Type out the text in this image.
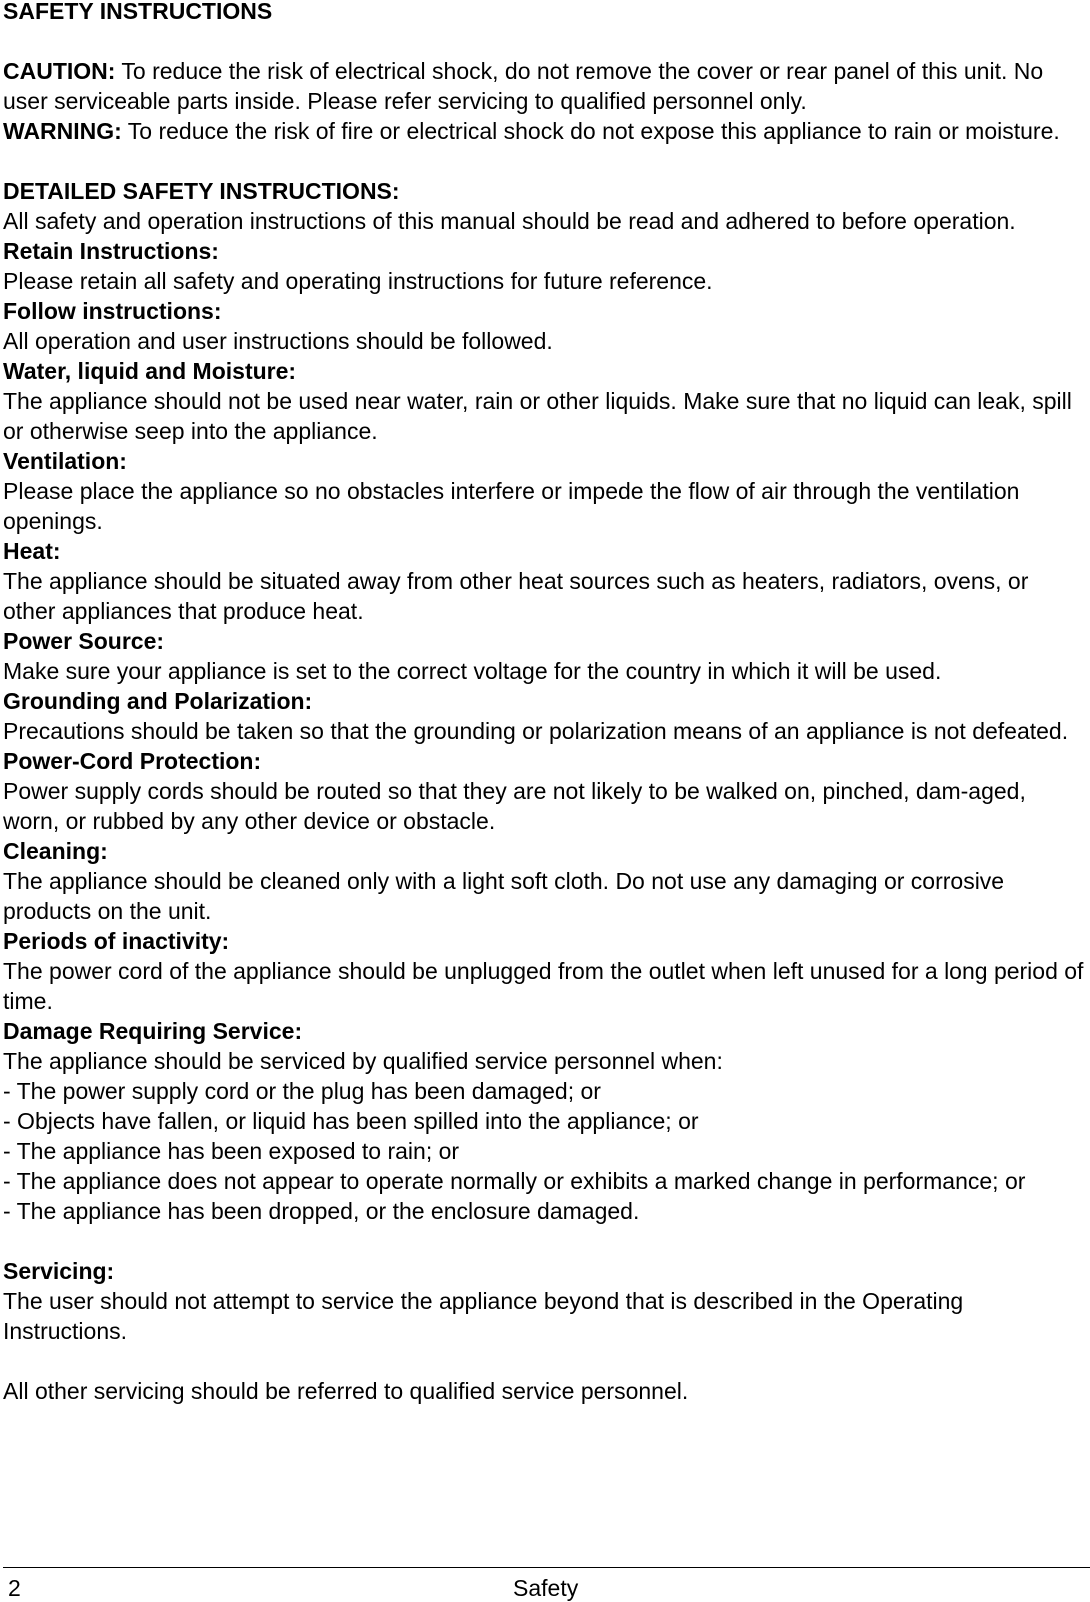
SAFETY INSTRUCTIONS

CAUTION: To reduce the risk of electrical shock, do not remove the cover or rear panel of this unit. No user serviceable parts inside. Please refer servicing to qualified personnel only.

WARNING: To reduce the risk of fire or electrical shock do not expose this appliance to rain or moisture.

DETAILED SAFETY INSTRUCTIONS:

All safety and operation instructions of this manual should be read and adhered to before operation.

Retain Instructions:

Please retain all safety and operating instructions for future reference.

Follow instructions:

All operation and user instructions should be followed.

Water, liquid and Moisture:

The appliance should not be used near water, rain or other liquids. Make sure that no liquid can leak, spill or otherwise seep into the appliance.

Ventilation:

Please place the appliance so no obstacles interfere or impede the flow of air through the ventilation openings.

Heat:

The appliance should be situated away from other heat sources such as heaters, radiators, ovens, or other appliances that produce heat.

Power Source:

Make sure your appliance is set to the correct voltage for the country in which it will be used.

Grounding and Polarization:

Precautions should be taken so that the grounding or polarization means of an appliance is not defeated.

Power-Cord Protection:

Power supply cords should be routed so that they are not likely to be walked on, pinched, dam-aged, worn, or rubbed by any other device or obstacle.

Cleaning:

The appliance should be cleaned only with a light soft cloth. Do not use any damaging or corrosive products on the unit.

Periods of inactivity:

The power cord of the appliance should be unplugged from the outlet when left unused for a long period of time.

Damage Requiring Service:

The appliance should be serviced by qualified service personnel when:

- The power supply cord or the plug has been damaged; or

- Objects have fallen, or liquid has been spilled into the appliance; or

- The appliance has been exposed to rain; or

- The appliance does not appear to operate normally or exhibits a marked change in performance; or

- The appliance has been dropped, or the enclosure damaged.

Servicing:

The user should not attempt to service the appliance beyond that is described in the Operating Instructions.

All other servicing should be referred to qualified service personnel.

2	Safety
